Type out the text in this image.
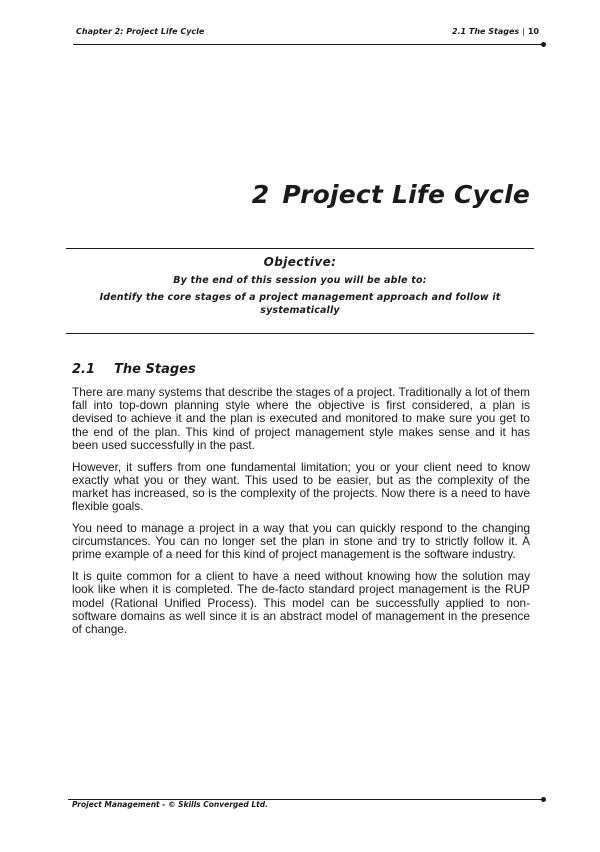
Chapter 2: Project Life Cycle	2.1 The Stages | 10
2 Project Life Cycle
Objective:
By the end of this session you will be able to:
Identify the core stages of a project management approach and follow it systematically
2.1 The Stages

There are many systems that describe the stages of a project. Traditionally a lot of them fall into top-down planning style where the objective is first considered, a plan is devised to achieve it and the plan is executed and monitored to make sure you get to the end of the plan. This kind of project management style makes sense and it has been used successfully in the past.

However, it suffers from one fundamental limitation; you or your client need to know exactly what you or they want. This used to be easier, but as the complexity of the market has increased, so is the complexity of the projects. Now there is a need to have flexible goals.

You need to manage a project in a way that you can quickly respond to the changing circumstances. You can no longer set the plan in stone and try to strictly follow it. A prime example of a need for this kind of project management is the software industry.

It is quite common for a client to have a need without knowing how the solution may look like when it is completed. The de-facto standard project management is the RUP model (Rational Unified Process). This model can be successfully applied to non-software domains as well since it is an abstract model of management in the presence of change.

Project Management - © Skills Converged Ltd.
